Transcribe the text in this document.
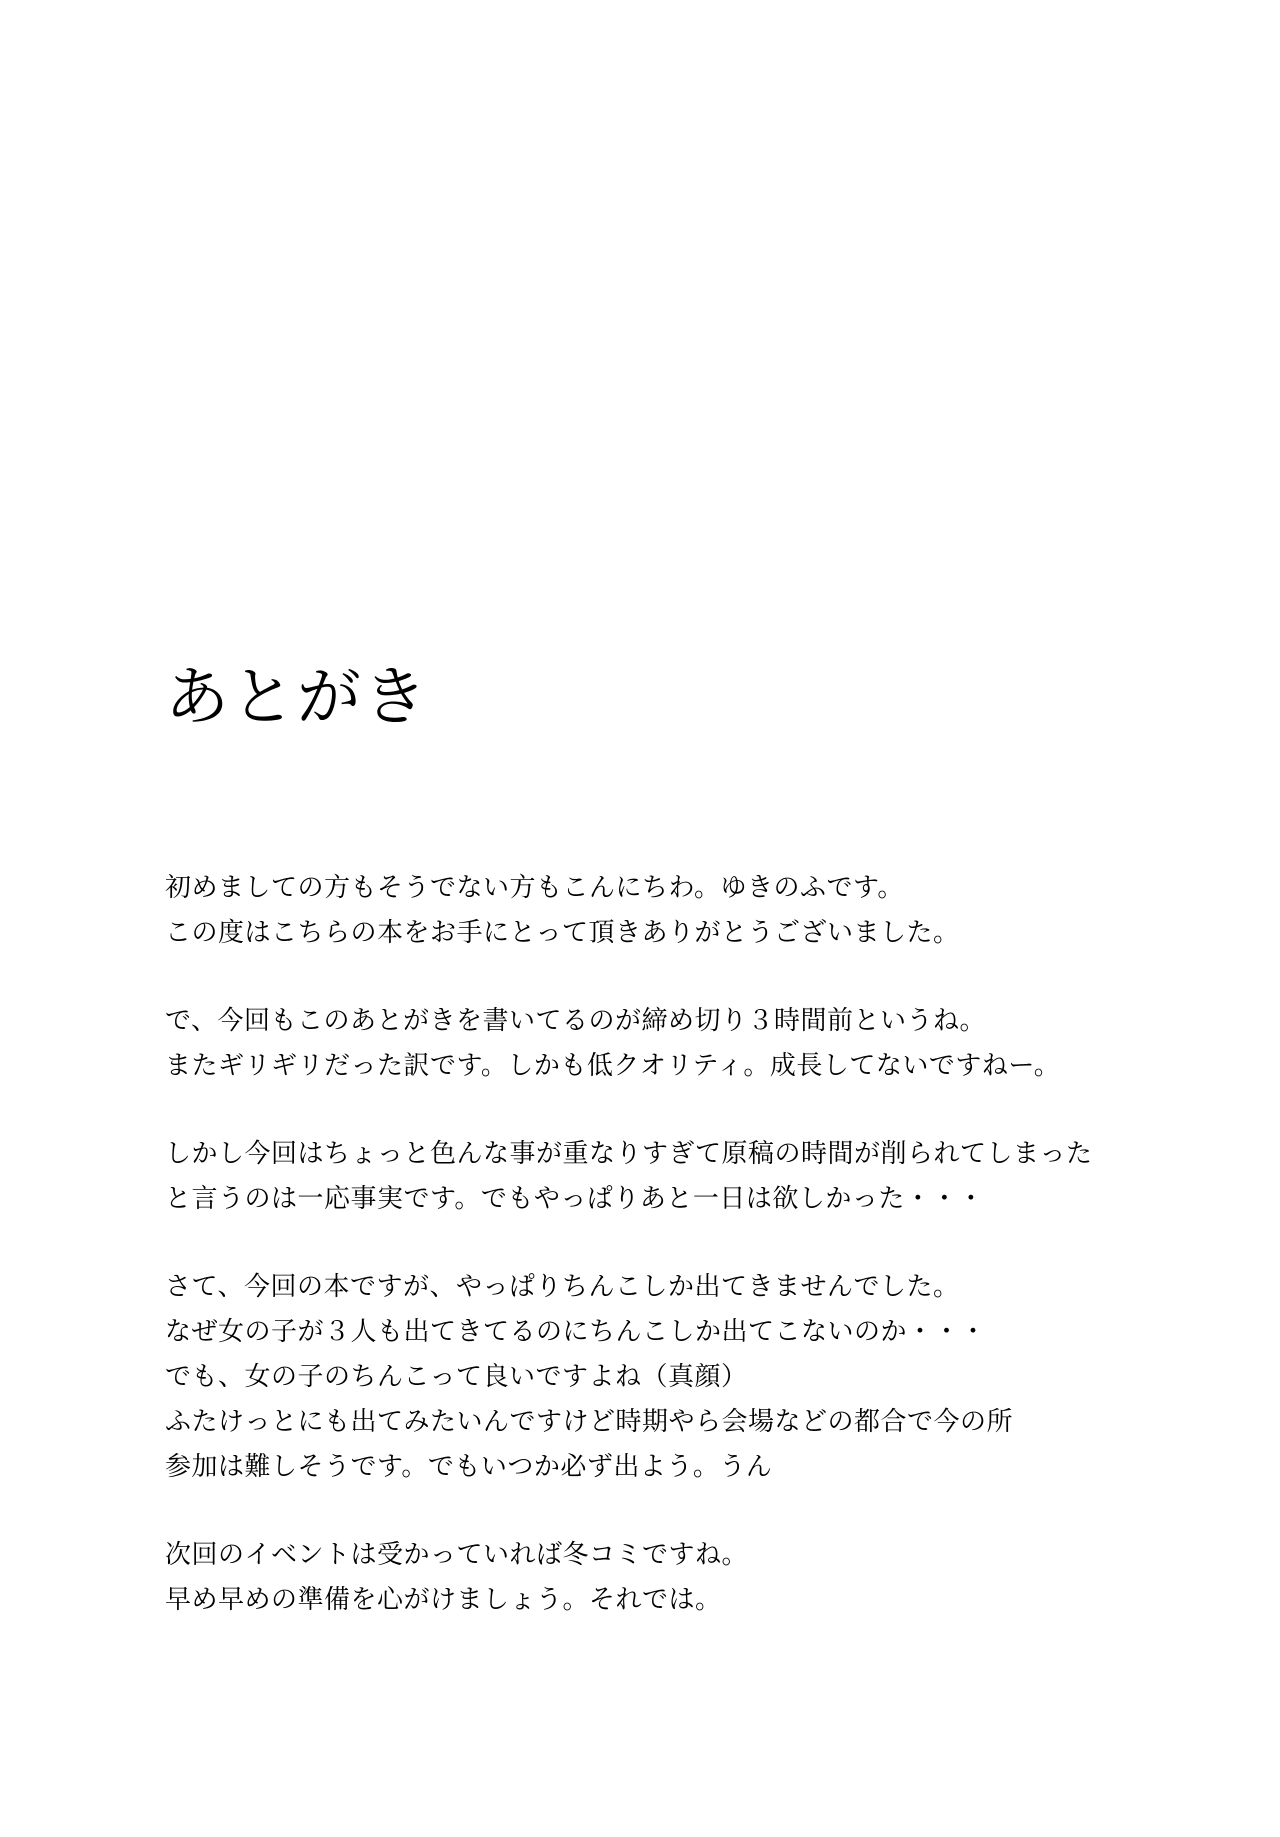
あとがき
初めましての方もそうでない方もこんにちわ。ゆきのふです。
この度はこちらの本をお手にとって頂きありがとうございました。
で、今回もこのあとがきを書いてるのが締め切り３時間前というね。
またギリギリだった訳です。しかも低クオリティ。成長してないですねー。
しかし今回はちょっと色んな事が重なりすぎて原稿の時間が削られてしまった
と言うのは一応事実です。でもやっぱりあと一日は欲しかった・・・
さて、今回の本ですが、やっぱりちんこしか出てきませんでした。
なぜ女の子が３人も出てきてるのにちんこしか出てこないのか・・・
でも、女の子のちんこって良いですよね（真顔）
ふたけっとにも出てみたいんですけど時期やら会場などの都合で今の所
参加は難しそうです。でもいつか必ず出よう。うん
次回のイベントは受かっていれば冬コミですね。
早め早めの準備を心がけましょう。それでは。
